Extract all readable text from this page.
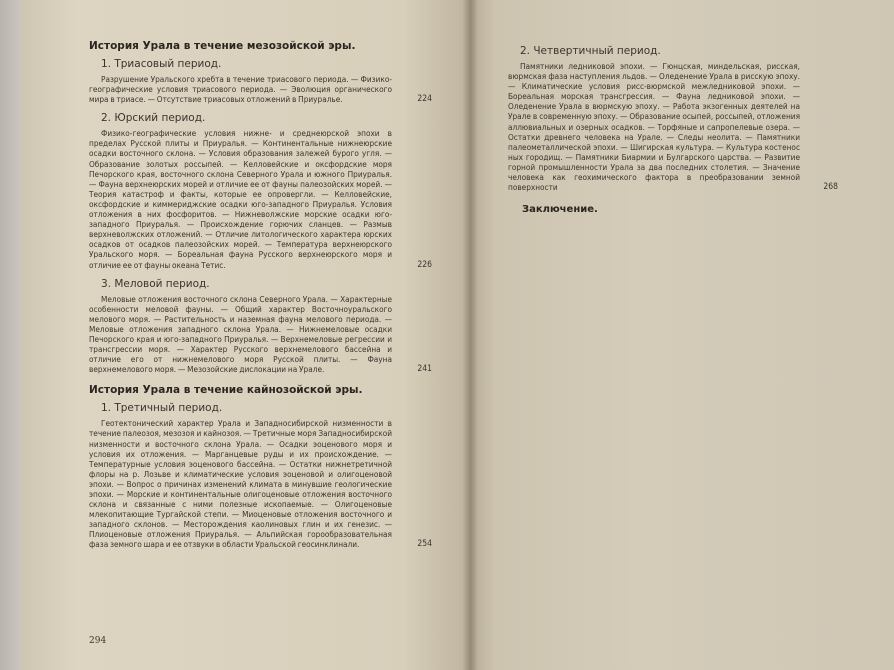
История Урала в течение мезозойской эры.
1. Триасовый период.
Разрушение Уральского хребта в течение триасового периода. — Физико-географические условия триасового периода. — Эволюция органического мира в триасе. — Отсутствие триасовых отложений в Приуралье.	224
2. Юрский период.
Физико-географические условия нижне- и среднеюрской эпохи в пределах Русской плиты и Приуралья. — Континентальные нижнеюрские осадки восточного склона. — Условия образования залежей бурого угля. — Образование золотых россыпей. — Келловейские и оксфордские моря Печорского края, восточного склона Северного Урала и южного Приуралья. — Фауна верхнеюрских морей и отличие ее от фауны палеозойских морей. — Теория катастроф и факты, которые ее опровергли. — Келловейские, оксфордские и киммериджские осадки юго-западного Приуралья. Условия отложения в них фосфоритов. — Нижневолжские морские осадки юго-западного Приуралья. — Происхождение горючих сланцев. — Размыв верхневолжских отложений. — Отличие литологического характера юрских осадков от осадков палеозойских морей. — Температура верхнеюрского Уральского моря. — Бореальная фауна Русского верхнеюрского моря и отличие ее от фауны океана Тетис.	226
3. Меловой период.
Меловые отложения восточного склона Северного Урала. — Характерные особенности меловой фауны. — Общий характер Восточноуральского мелового моря. — Растительность и наземная фауна мелового периода. — Меловые отложения западного склона Урала. — Нижнемеловые осадки Печорского края и юго-западного Приуралья. — Верхнемеловые регрессии и трансгрессии моря. — Характер Русского верхнемелового бассейна и отличие его от нижнемелового моря Русской плиты. — Фауна верхнемелового моря. — Мезозойские дислокации на Урале.	241
История Урала в течение кайнозойской эры.
1. Третичный период.
Геотектонический характер Урала и Западносибирской низменности в течение палеозоя, мезозоя и кайнозоя. — Третичные моря Западносибирской низменности и восточного склона Урала. — Осадки эоценового моря и условия их отложения. — Марганцевые руды и их происхождение. — Температурные условия эоценового бассейна. — Остатки нижнетретичной флоры на р. Лозьве и климатические условия эоценовой и олигоценовой эпохи. — Вопрос о причинах изменений климата в минувшие геологические эпохи. — Морские и континентальные олигоценовые отложения восточного склона и связанные с ними полезные ископаемые. — Олигоценовые млекопитающие Тургайской степи. — Миоценовые отложения восточного и западного склонов. — Месторождения каолиновых глин и их генезис. — Плиоценовые отложения Приуралья. — Альпийская горообразовательная фаза земного шара и ее отзвуки в области Уральской геосинклинали.	254
294
2. Четвертичный период.
Памятники ледниковой эпохи. — Гюнцская, миндельская, рисская, вюрмская фаза наступления льдов. — Оледенение Урала в рисскую эпоху. — Климатические условия рисс-вюрмской межледниковой эпохи. — Бореальная морская трансгрессия. — Фауна ледниковой эпохи. — Оледенение Урала в вюрмскую эпоху. — Работа экзогенных деятелей на Урале в современную эпоху. — Образование осыпей, россыпей, отложения аллювиальных и озерных осадков. — Торфяные и сапропелевые озера. — Остатки древнего человека на Урале. — Следы неолита. — Памятники палеометаллической эпохи. — Шигирская культура. — Культура костенос ных городищ. — Памятники Биармии и Булгарского царства. — Развитие горной промышленности Урала за два последних столетия. — Значение человека как геохимического фактора в преобразовании земной поверхности	268
Заключение.
